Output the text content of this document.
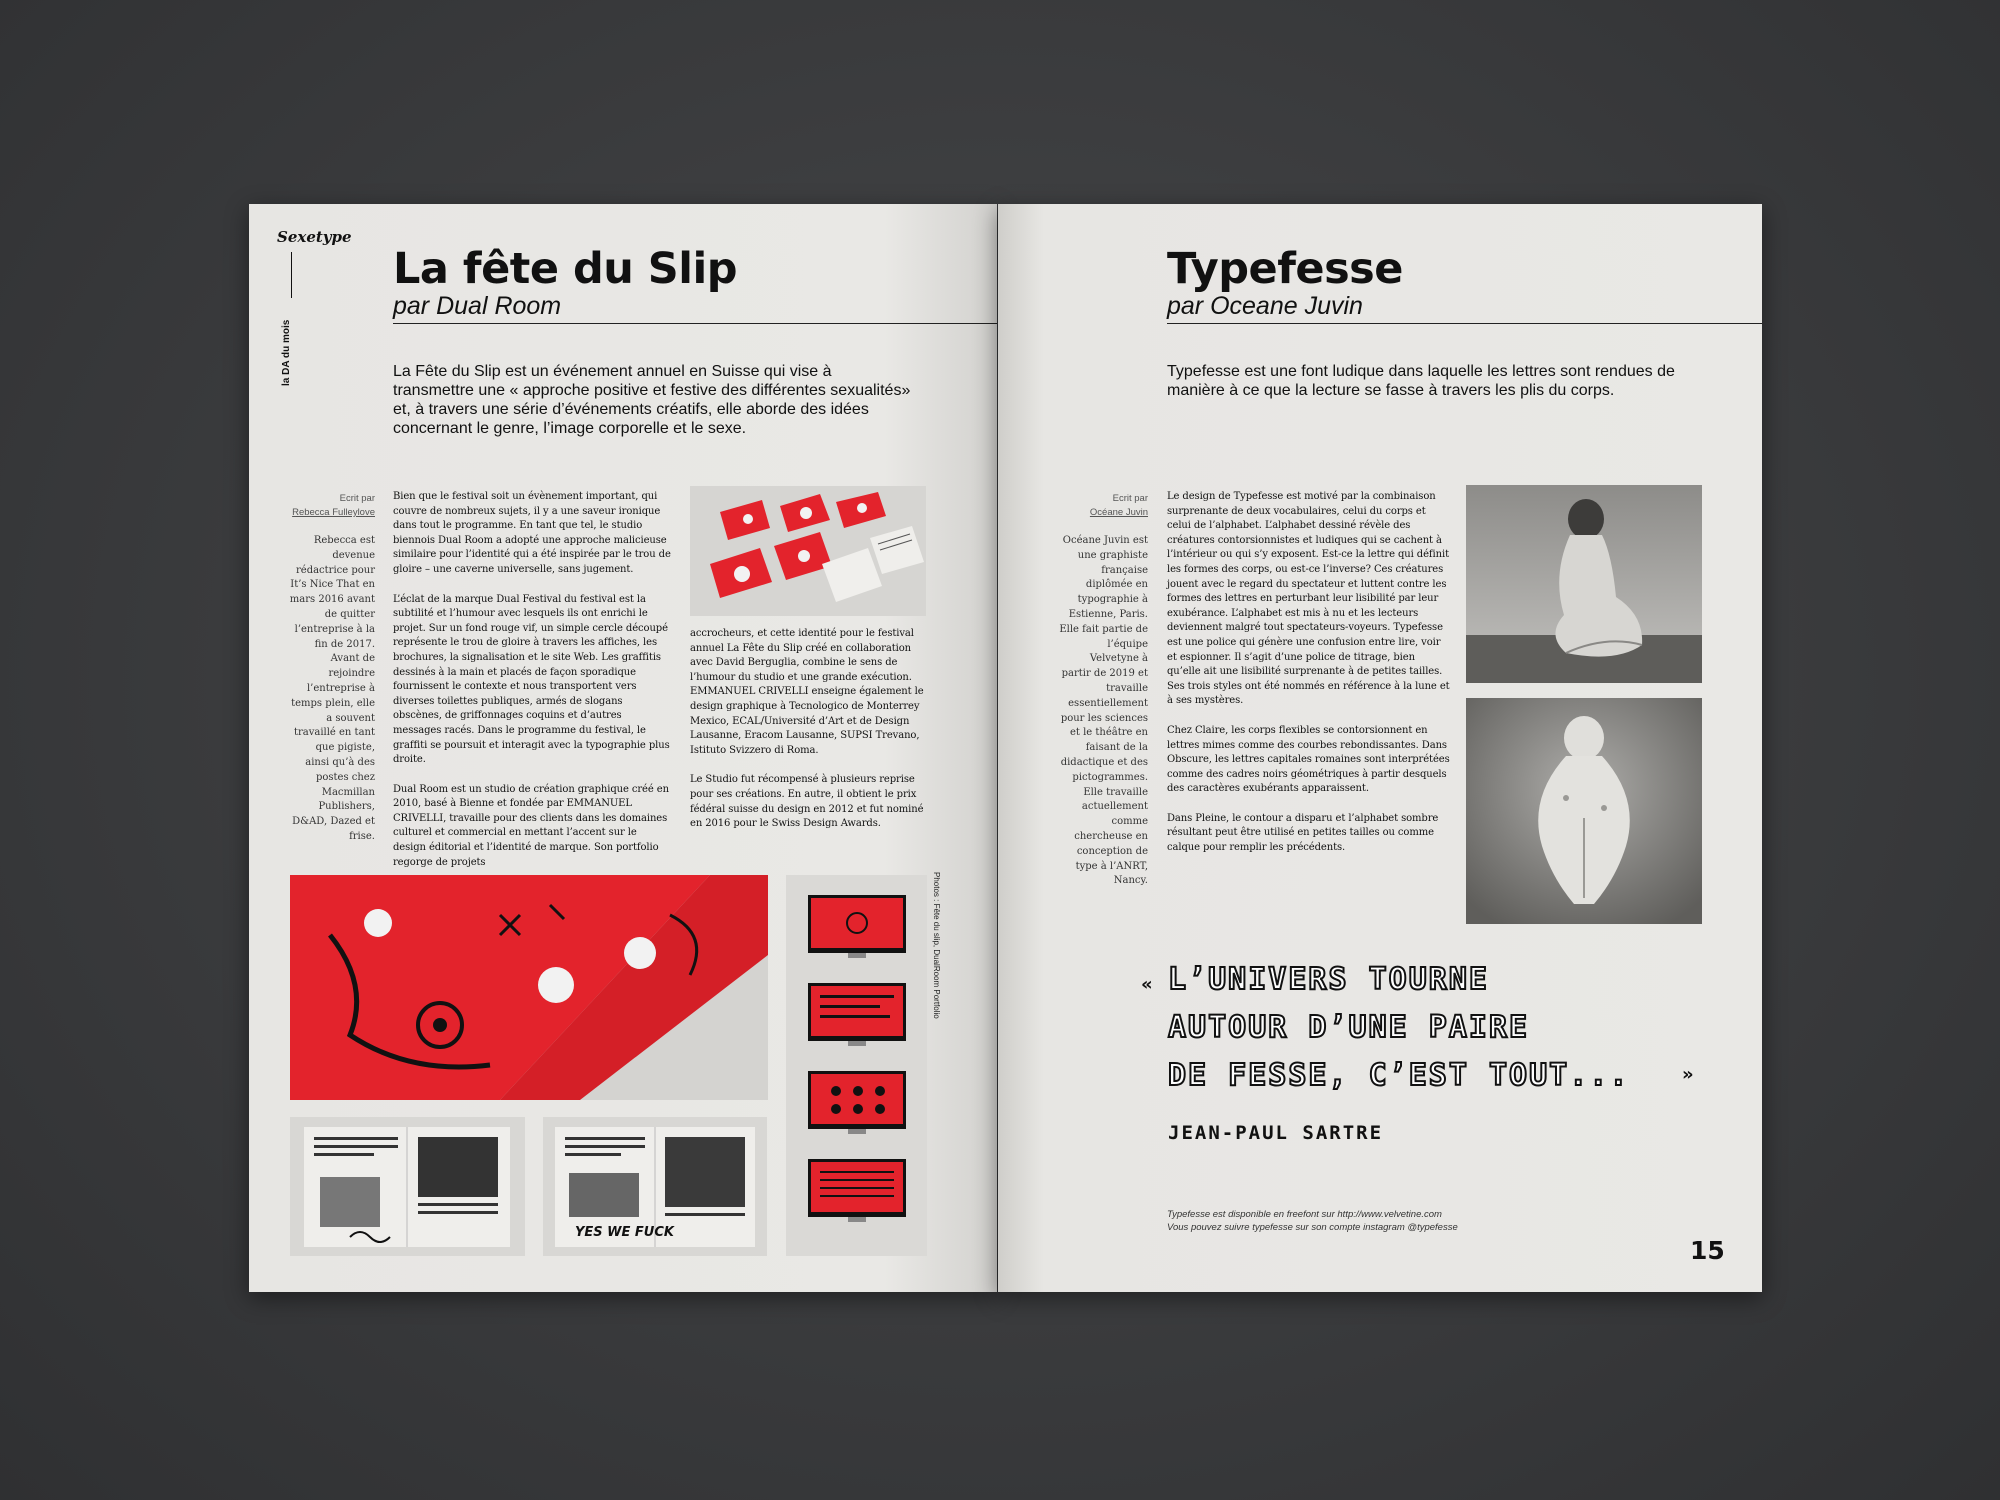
Sexetype
la DA du mois
La fête du Slip
par Dual Room
La Fête du Slip est un événement annuel en Suisse qui vise à transmettre une « approche positive et festive des différentes sexualités» et, à travers une série d’événements créatifs, elle aborde des idées concernant le genre, l’image corporelle et le sexe.
Ecrit par
Rebecca Fulleylove
Rebecca est devenue rédactrice pour It’s Nice That en mars 2016 avant de quitter l’entreprise à la fin de 2017. Avant de rejoindre l’entreprise à temps plein, elle a souvent travaillé en tant que pigiste, ainsi qu’à des postes chez Macmillan Publishers, D&AD, Dazed et frise.

Bien que le festival soit un évènement important, qui couvre de nombreux sujets, il y a une saveur ironique dans tout le programme. En tant que tel, le studio biennois Dual Room a adopté une approche malicieuse similaire pour l’identité qui a été inspirée par le trou de gloire – une caverne universelle, sans jugement.

L’éclat de la marque Dual Festival du festival est la subtilité et l’humour avec lesquels ils ont enrichi le projet. Sur un fond rouge vif, un simple cercle découpé représente le trou de gloire à travers les affiches, les brochures, la signalisation et le site Web. Les graffitis dessinés à la main et placés de façon sporadique fournissent le contexte et nous transportent vers diverses toilettes publiques, armés de slogans obscènes, de griffonnages coquins et d’autres messages racés. Dans le programme du festival, le graffiti se poursuit et interagit avec la typographie plus droite.

Dual Room est un studio de création graphique créé en 2010, basé à Bienne et fondée par EMMANUEL CRIVELLI, travaille pour des clients dans les domaines culturel et commercial en mettant l’accent sur le design éditorial et l’identité de marque. Son portfolio regorge de projets

accrocheurs, et cette identité pour le festival annuel La Fête du Slip créé en collaboration avec David Berguglia, combine le sens de l’humour du studio et une grande exécution. EMMANUEL CRIVELLI enseigne également le design graphique à Tecnologico de Monterrey Mexico, ECAL/Université d’Art et de Design Lausanne, Eracom Lausanne, SUPSI Trevano, Istituto Svizzero di Roma.

Le Studio fut récompensé à plusieurs reprise pour ses créations. En autre, il obtient le prix fédéral suisse du design en 2012 et fut nominé en 2016 pour le Swiss Design Awards.

Photos : Fête du slip, DualRoom Portfolio
YES WE FUCK
Typefesse
par Oceane Juvin
Typefesse est une font ludique dans laquelle les lettres sont rendues de manière à ce que la lecture se fasse à travers les plis du corps.
Ecrit par
Océane Juvin
Océane Juvin est une graphiste française diplômée en typographie à Estienne, Paris. Elle fait partie de l’équipe Velvetyne à partir de 2019 et travaille essentiellement pour les sciences et le théâtre en faisant de la didactique et des pictogrammes. Elle travaille actuellement comme chercheuse en conception de type à l’ANRT, Nancy.

Le design de Typefesse est motivé par la combinaison surprenante de deux vocabulaires, celui du corps et celui de l’alphabet. L’alphabet dessiné révèle des créatures contorsionnistes et ludiques qui se cachent à l’intérieur ou qui s’y exposent. Est-ce la lettre qui définit les formes des corps, ou est-ce l’inverse? Ces créatures jouent avec le regard du spectateur et luttent contre les formes des lettres en perturbant leur lisibilité par leur exubérance. L’alphabet est mis à nu et les lecteurs deviennent malgré tout spectateurs-voyeurs. Typefesse est une police qui génère une confusion entre lire, voir et espionner. Il s’agit d’une police de titrage, bien qu’elle ait une lisibilité surprenante à de petites tailles. Ses trois styles ont été nommés en référence à la lune et à ses mystères.

Chez Claire, les corps flexibles se contorsionnent en lettres mimes comme des courbes rebondissantes. Dans Obscure, les lettres capitales romaines sont interprétées comme des cadres noirs géométriques à partir desquels des caractères exubérants apparaissent.

Dans Pleine, le contour a disparu et l’alphabet sombre résultant peut être utilisé en petites tailles ou comme calque pour remplir les précédents.

« L’UNIVERS TOURNE
AUTOUR D’UNE PAIRE
DE FESSE, C’EST TOUT...	»
JEAN-PAUL SARTRE
Typefesse est disponible en freefont sur http://www.velvetine.com
Vous pouvez suivre typefesse sur son compte instagram @typefesse
15
